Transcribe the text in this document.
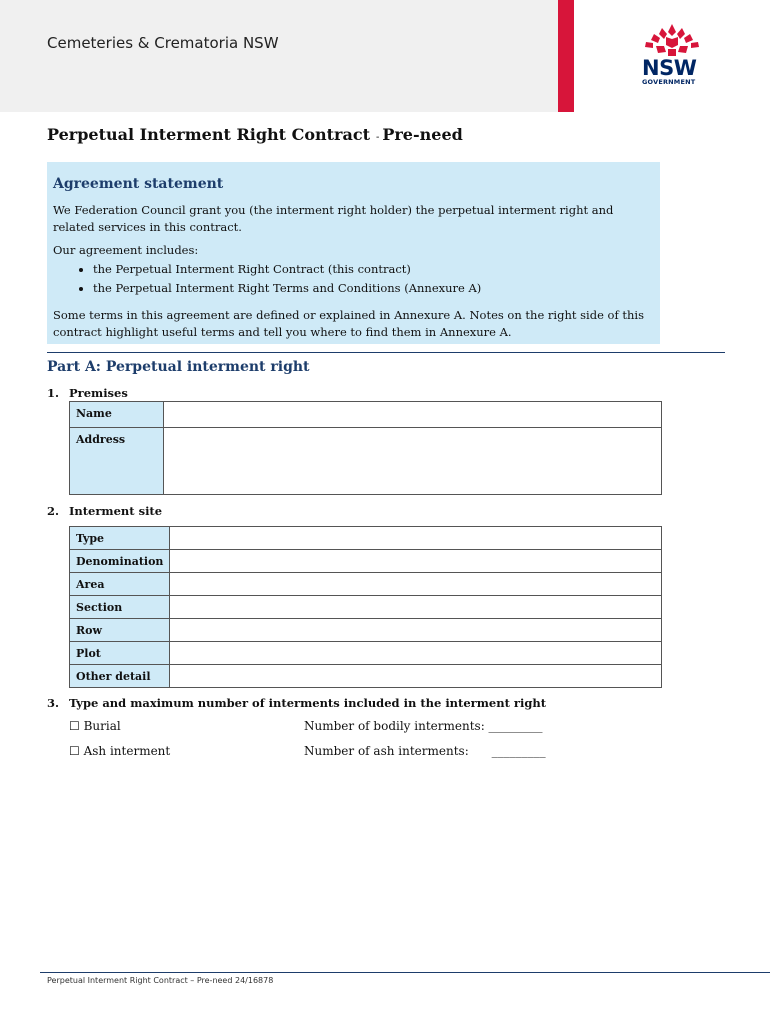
Cemeteries & Crematoria NSW
NSW
GOVERNMENT
Perpetual Interment Right Contract - Pre-need
Agreement statement

We Federation Council grant you (the interment right holder) the perpetual interment right and related services in this contract.

Our agreement includes:

• the Perpetual Interment Right Contract (this contract)
• the Perpetual Interment Right Terms and Conditions (Annexure A)

Some terms in this agreement are defined or explained in Annexure A. Notes on the right side of this contract highlight useful terms and tell you where to find them in Annexure A.

Part A: Perpetual interment right
1. Premises
Name	
Address	
2. Interment site
Type	
Denomination	
Area	
Section	
Row	
Plot	
Other detail	
3. Type and maximum number of interments included in the interment right
☐ Burial	Number of bodily interments: _________
☐ Ash interment	Number of ash interments:      _________
Perpetual Interment Right Contract – Pre-need 24/16878
